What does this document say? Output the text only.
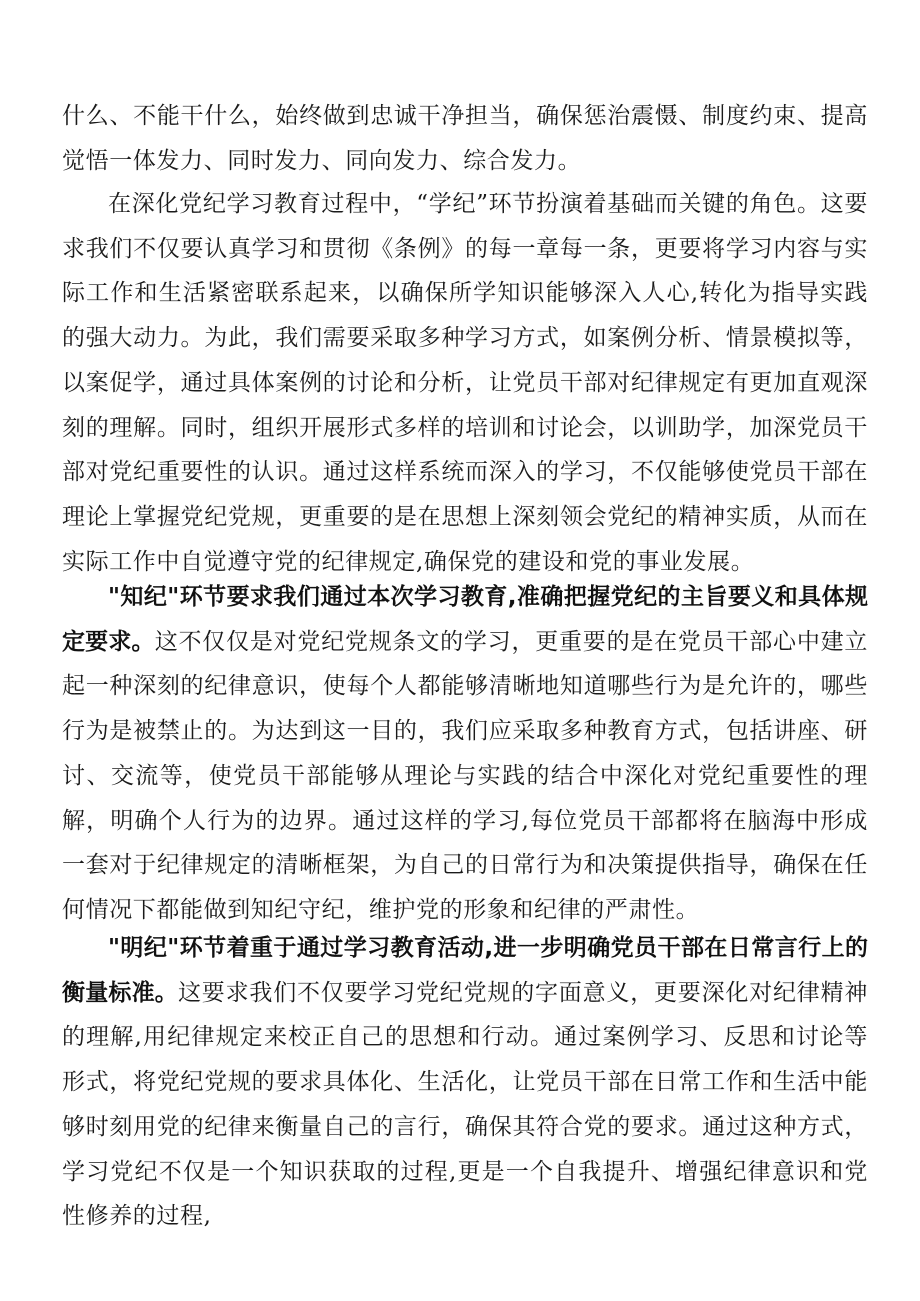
什么、不能干什么，始终做到忠诚干净担当，确保惩治震慑、制度约束、提高觉悟一体发力、同时发力、同向发力、综合发力。

在深化党纪学习教育过程中，“学纪”环节扮演着基础而关键的角色。这要求我们不仅要认真学习和贯彻《条例》的每一章每一条，更要将学习内容与实际工作和生活紧密联系起来，以确保所学知识能够深入人心,转化为指导实践的强大动力。为此，我们需要采取多种学习方式，如案例分析、情景模拟等，以案促学，通过具体案例的讨论和分析，让党员干部对纪律规定有更加直观深刻的理解。同时，组织开展形式多样的培训和讨论会，以训助学，加深党员干部对党纪重要性的认识。通过这样系统而深入的学习，不仅能够使党员干部在理论上掌握党纪党规，更重要的是在思想上深刻领会党纪的精神实质，从而在实际工作中自觉遵守党的纪律规定,确保党的建设和党的事业发展。

"知纪"环节要求我们通过本次学习教育,准确把握党纪的主旨要义和具体规定要求。这不仅仅是对党纪党规条文的学习，更重要的是在党员干部心中建立起一种深刻的纪律意识，使每个人都能够清晰地知道哪些行为是允许的，哪些行为是被禁止的。为达到这一目的，我们应采取多种教育方式，包括讲座、研讨、交流等，使党员干部能够从理论与实践的结合中深化对党纪重要性的理解，明确个人行为的边界。通过这样的学习,每位党员干部都将在脑海中形成一套对于纪律规定的清晰框架，为自己的日常行为和决策提供指导，确保在任何情况下都能做到知纪守纪，维护党的形象和纪律的严肃性。

"明纪"环节着重于通过学习教育活动,进一步明确党员干部在日常言行上的衡量标准。这要求我们不仅要学习党纪党规的字面意义，更要深化对纪律精神的理解,用纪律规定来校正自己的思想和行动。通过案例学习、反思和讨论等形式，将党纪党规的要求具体化、生活化，让党员干部在日常工作和生活中能够时刻用党的纪律来衡量自己的言行，确保其符合党的要求。通过这种方式，学习党纪不仅是一个知识获取的过程,更是一个自我提升、增强纪律意识和党性修养的过程,
